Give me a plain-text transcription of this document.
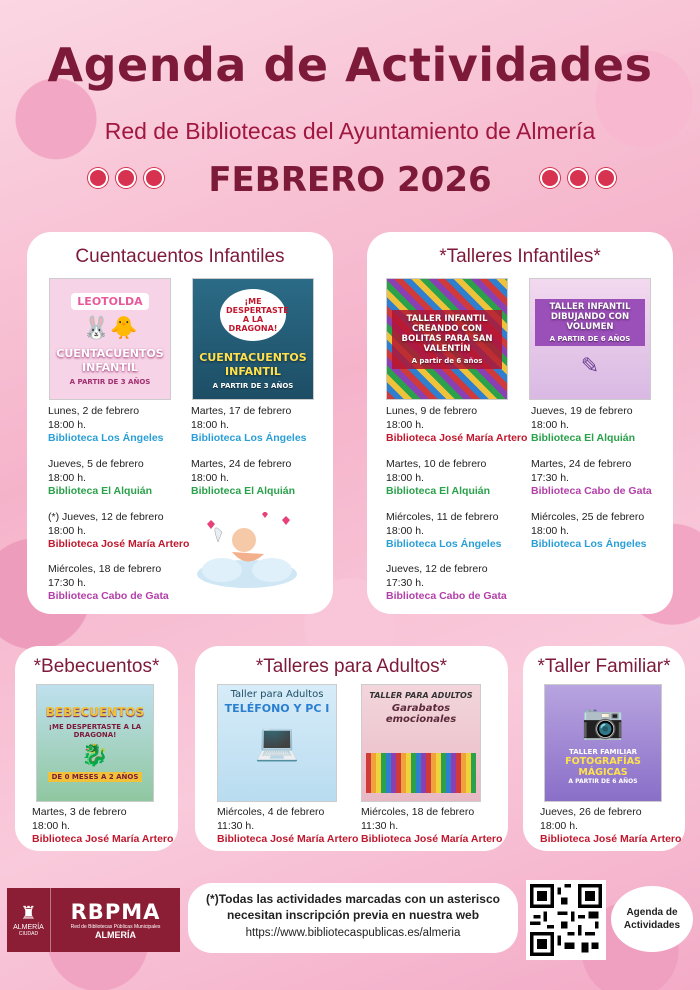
Agenda de Actividades
Red de Bibliotecas del Ayuntamiento de Almería
FEBRERO 2026
Cuentacuentos Infantiles
LEOTOLDA
🐰🐥
CUENTACUENTOS INFANTIL
A PARTIR DE 3 AÑOS
¡ME DESPERTASTE A LA DRAGONA!
CUENTACUENTOS INFANTIL
A PARTIR DE 3 AÑOS
Lunes, 2 de febrero
18:00 h.
Biblioteca Los Ángeles
Martes, 17 de febrero
18:00 h.
Biblioteca Los Ángeles
Jueves, 5 de febrero
18:00 h.
Biblioteca El Alquián
Martes, 24 de febrero
18:00 h.
Biblioteca El Alquián
(*) Jueves, 12 de febrero
18:00 h.
Biblioteca José María Artero
Miércoles, 18 de febrero
17:30 h.
Biblioteca Cabo de Gata
*Talleres Infantiles*
TALLER INFANTIL CREANDO CON BOLITAS PARA SAN VALENTÍN
A partir de 6 años
TALLER INFANTIL DIBUJANDO CON VOLUMEN
A PARTIR DE 6 AÑOS
✎
Lunes, 9 de febrero
18:00 h.
Biblioteca José María Artero
Jueves, 19 de febrero
18:00 h.
Biblioteca El Alquián
Martes, 10 de febrero
18:00 h.
Biblioteca El Alquián
Martes, 24 de febrero
17:30 h.
Biblioteca Cabo de Gata
Miércoles, 11 de febrero
18:00 h.
Biblioteca Los Ángeles
Miércoles, 25 de febrero
18:00 h.
Biblioteca Los Ángeles
Jueves, 12 de febrero
17:30 h.
Biblioteca Cabo de Gata
*Bebecuentos*
BEBECUENTOS
¡ME DESPERTASTE A LA DRAGONA!
🐉
DE 0 MESES A 2 AÑOS
Martes, 3 de febrero
18:00 h.
Biblioteca José María Artero
*Talleres para Adultos*
Taller para Adultos
TELÉFONO Y PC I
💻
TALLER PARA ADULTOS
Garabatos emocionales
Miércoles, 4 de febrero
11:30 h.
Biblioteca José María Artero
Miércoles, 18 de febrero
11:30 h.
Biblioteca José María Artero
*Taller Familiar*
📷
TALLER FAMILIAR
FOTOGRAFÍAS MÁGICAS
A PARTIR DE 6 AÑOS
Jueves, 26 de febrero
18:00 h.
Biblioteca José María Artero
♜
ALMERÍA
CIUDAD
RBPMA
Red de Bibliotecas Públicas Municipales
ALMERÍA
(*)Todas las actividades marcadas con un asterisco necesitan inscripción previa en nuestra web
https://www.bibliotecaspublicas.es/almeria
Agenda de Actividades
